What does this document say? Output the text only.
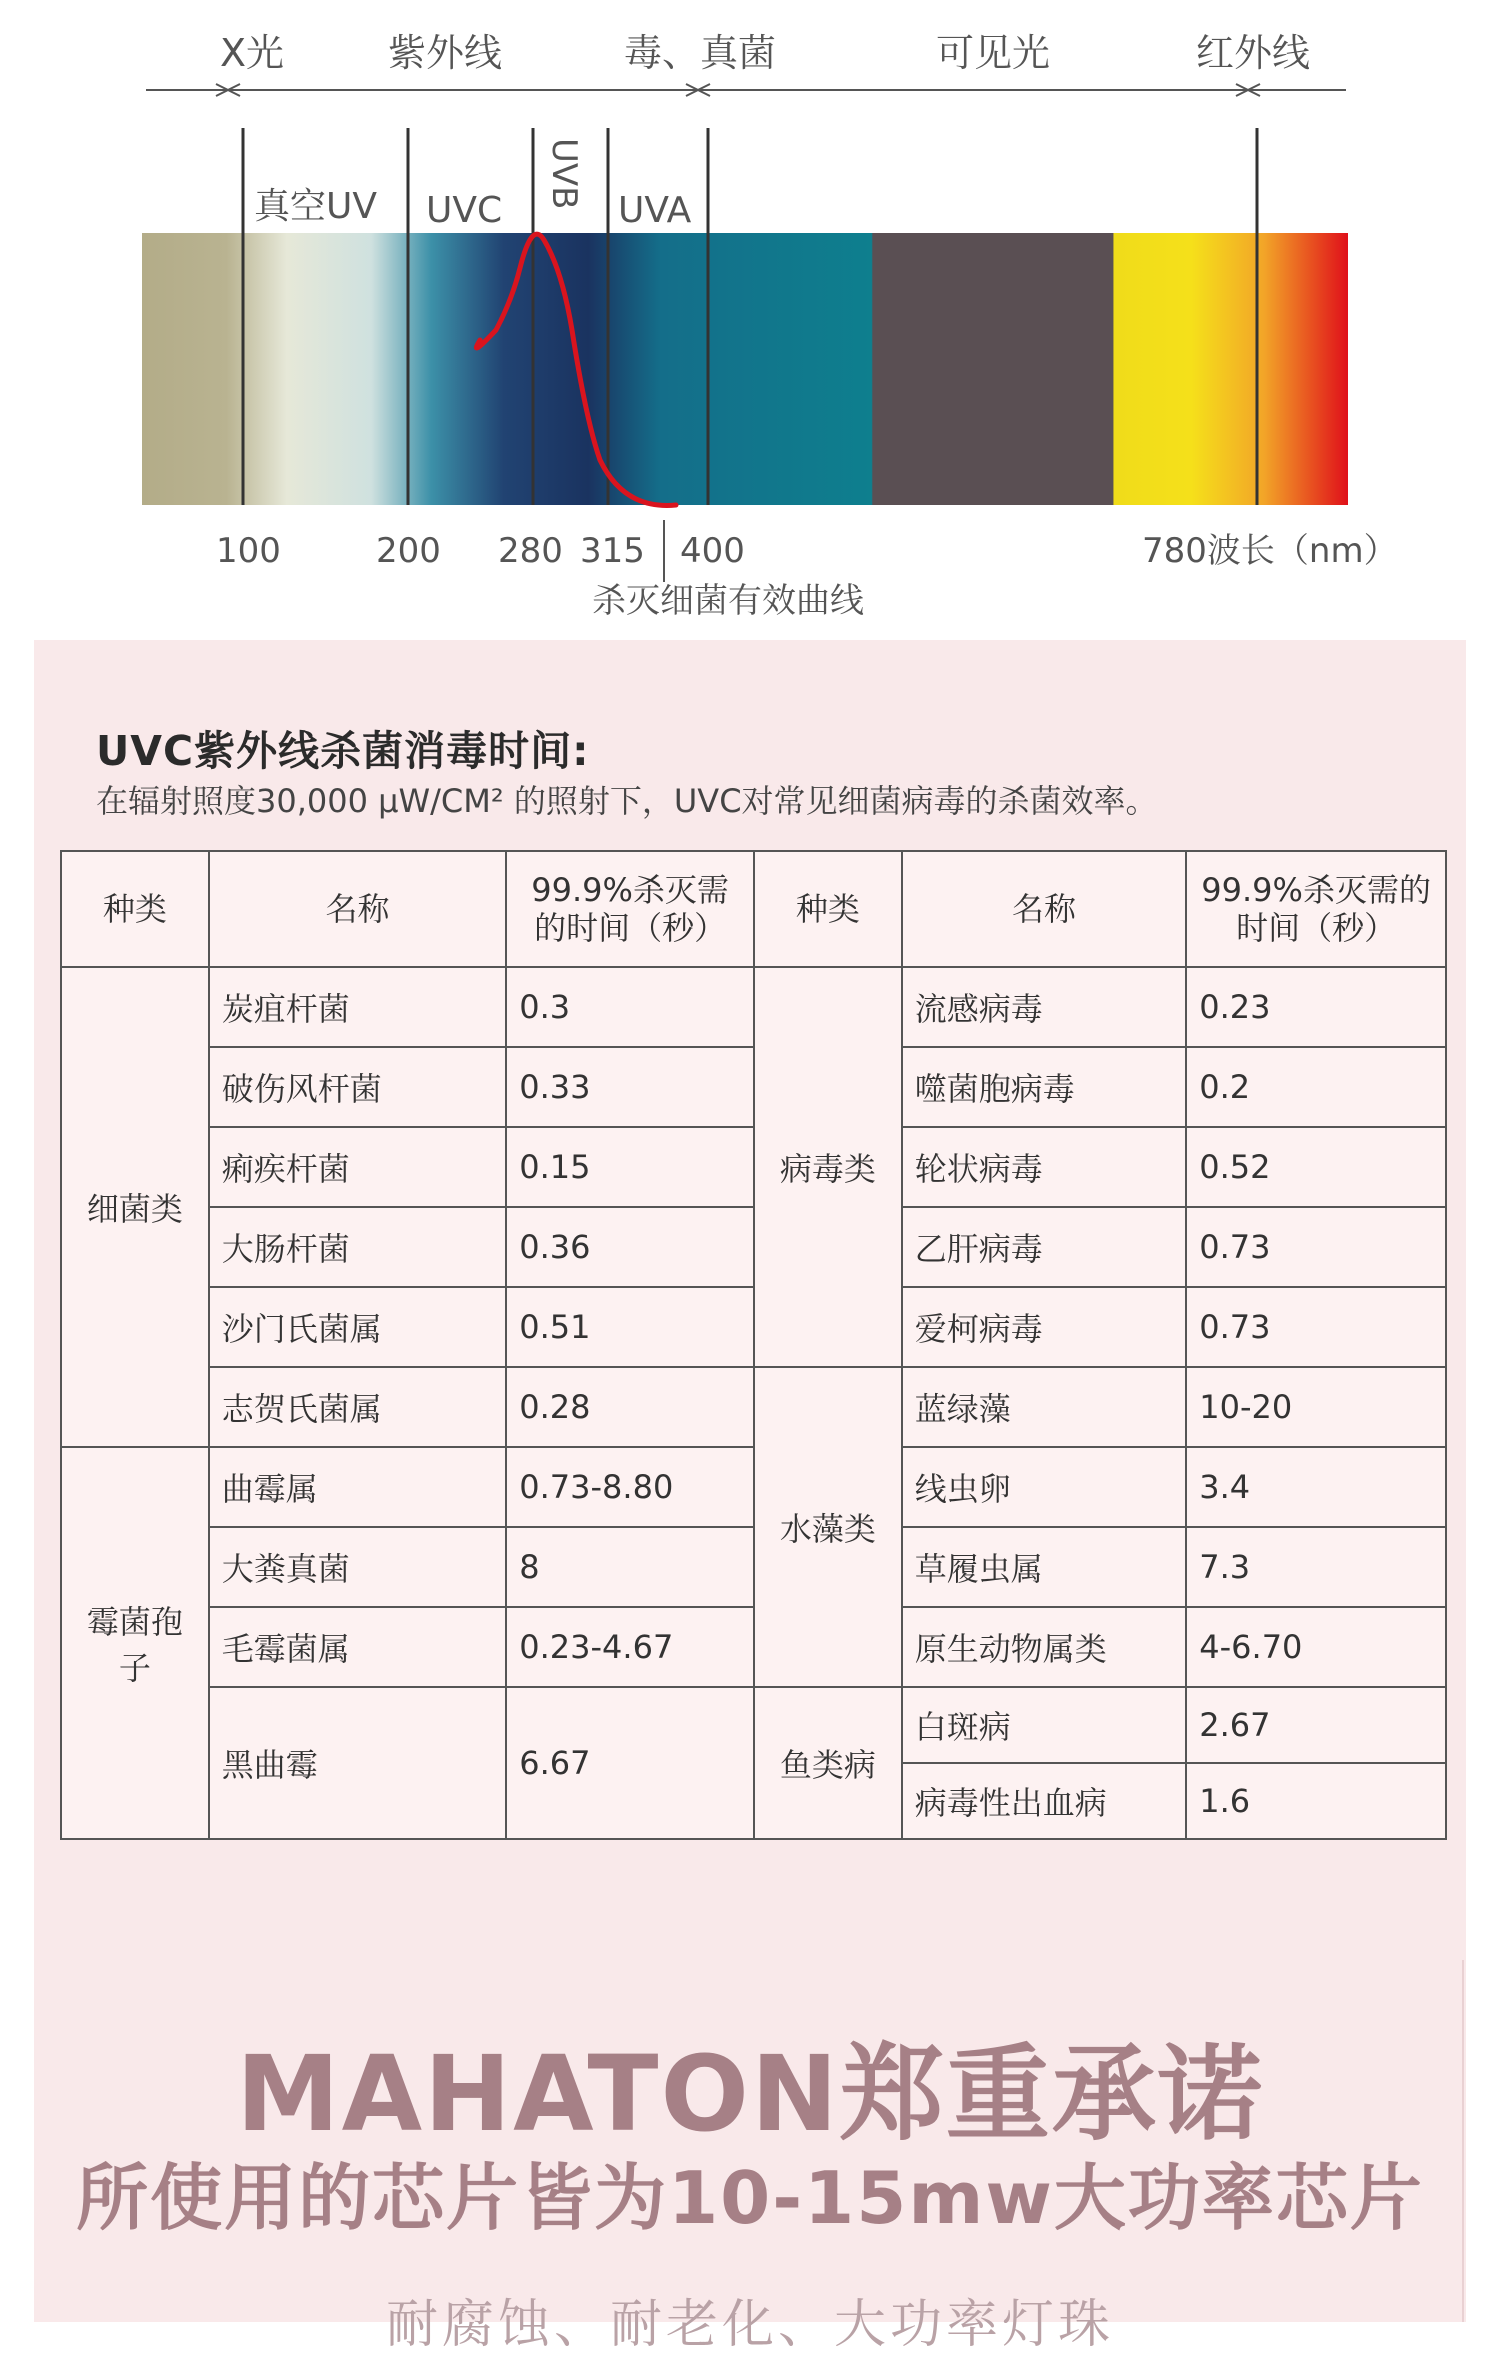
X光	紫外线	毒、真菌	可见光	红外线
真空UV UVC
UVB
UVA
100	200 280 315 400	780波长（nm）
杀灭细菌有效曲线
UVC紫外线杀菌消毒时间:
在辐射照度30,000 μW/CM² 的照射下，UVC对常见细菌病毒的杀菌效率。
种类	名称	99.9%杀灭需的时间（秒）	种类	名称	99.9%杀灭需的时间（秒）
细菌类	炭疽杆菌	0.3	病毒类	流感病毒	0.23
	破伤风杆菌	0.33		噬菌胞病毒	0.2
	痢疾杆菌	0.15		轮状病毒	0.52
	大肠杆菌	0.36		乙肝病毒	0.73
	沙门氏菌属	0.51		爱柯病毒	0.73
	志贺氏菌属	0.28	水藻类	蓝绿藻	10-20
霉菌孢子	曲霉属	0.73-8.80		线虫卵	3.4
	大粪真菌	8		草履虫属	7.3
	毛霉菌属	0.23-4.67		原生动物属类	4-6.70
	黑曲霉	6.67	鱼类病	白斑病	2.67
				病毒性出血病	1.6
MAHATON郑重承诺
所使用的芯片皆为10-15mw大功率芯片
耐腐蚀、耐老化、大功率灯珠
